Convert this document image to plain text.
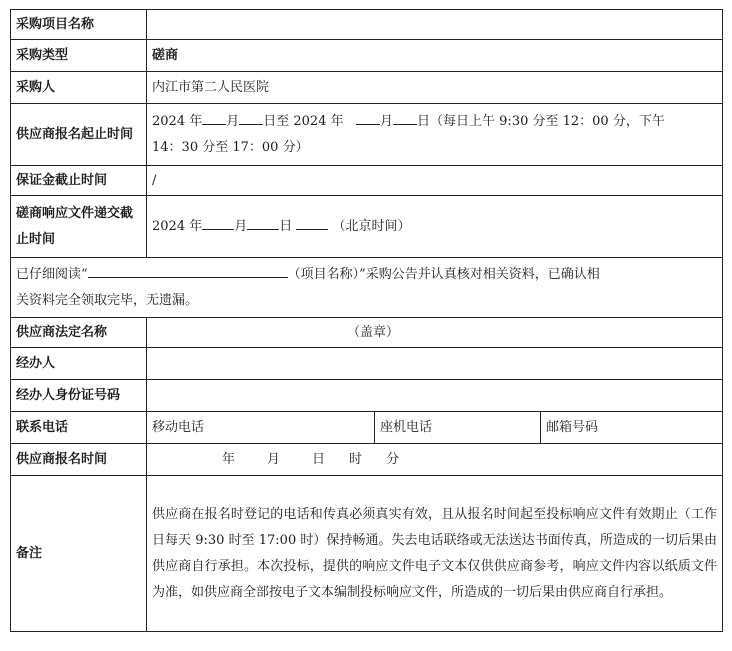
采购项目名称			
采购类型	磋商		
采购人	内江市第二人民医院		
供应商报名起止时间	2024 年 月 日至 2024 年 月 日（每日上午 9:30 分至 12：00 分，下午
14：30 分至 17：00 分）		
保证金截止时间	/		
磋商响应文件递交截止时间	2024 年 月 日 （北京时间）		
已仔细阅读“ （项目名称）”采购公告并认真核对相关资料，已确认相
关资料完全领取完毕，无遗漏。			
供应商法定名称	（盖章）		
经办人			
经办人身份证号码			
联系电话	移动电话	座机电话	邮箱号码
供应商报名时间	年 月 日 时 分		
备注	供应商在报名时登记的电话和传真必须真实有效，且从报名时间起至投标响应文件有效期止（工作日每天 9:30 时至 17:00 时）保持畅通。失去电话联络或无法送达书面传真，所造成的一切后果由供应商自行承担。本次投标，提供的响应文件电子文本仅供供应商参考，响应文件内容以纸质文件为准，如供应商全部按电子文本编制投标响应文件，所造成的一切后果由供应商自行承担。		
